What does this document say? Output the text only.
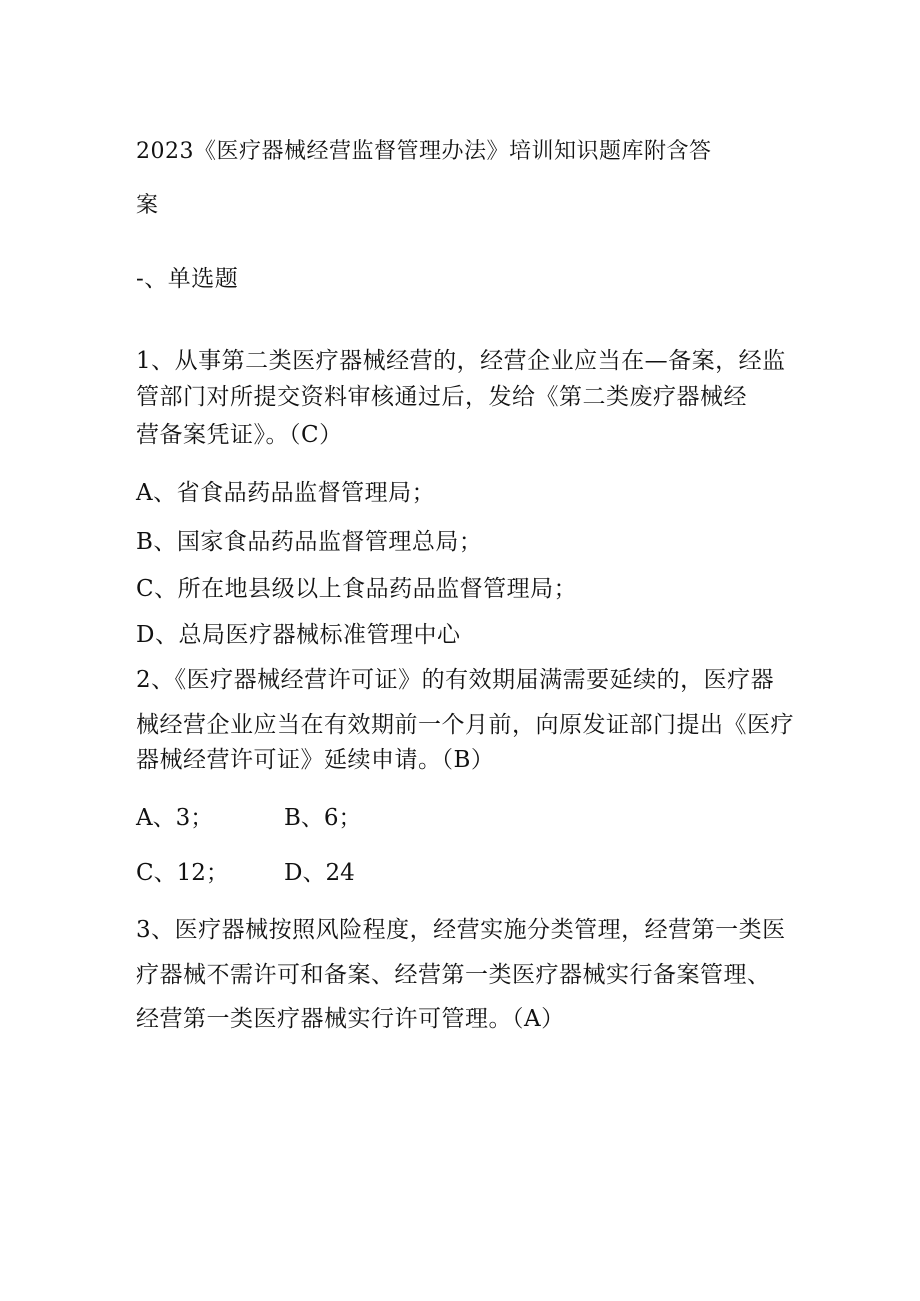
2023《医疗器械经营监督管理办法》培训知识题库附含答
案
-、单选题
1、从事第二类医疗器械经营的，经营企业应当在—备案，经监
管部门对所提交资料审核通过后，发给《第二类废疗器械经
营备案凭证》。（C）
A、省食品药品监督管理局；
B、国家食品药品监督管理总局；
C、所在地县级以上食品药品监督管理局；
D、总局医疗器械标准管理中心
2、《医疗器械经营许可证》的有效期届满需要延续的，医疗器
械经营企业应当在有效期前一个月前，向原发证部门提出《医疗
器械经营许可证》延续申请。（B）
A、3；	B、6；
C、12； D、24
3、医疗器械按照风险程度，经营实施分类管理，经营第一类医
疗器械不需许可和备案、经营第一类医疗器械实行备案管理、
经营第一类医疗器械实行许可管理。（A）
